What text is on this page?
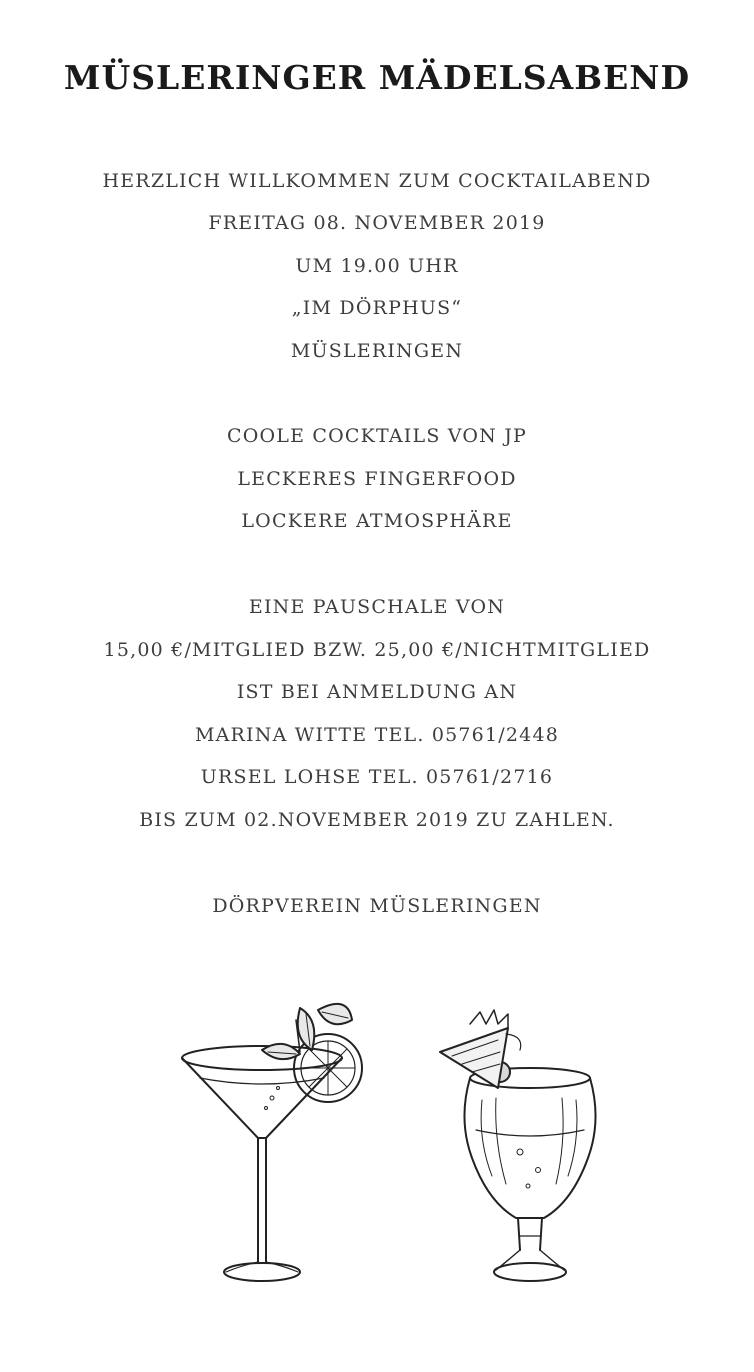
MÜSLERINGER MÄDELSABEND
HERZLICH WILLKOMMEN ZUM COCKTAILABEND
FREITAG 08. NOVEMBER 2019
UM 19.00 UHR
„IM DÖRPHUS“
MÜSLERINGEN
COOLE COCKTAILS VON JP
LECKERES FINGERFOOD
LOCKERE ATMOSPHÄRE
EINE PAUSCHALE VON
15,00 €/MITGLIED BZW. 25,00 €/NICHTMITGLIED
IST BEI ANMELDUNG AN
MARINA WITTE TEL. 05761/2448
URSEL LOHSE TEL. 05761/2716
BIS ZUM 02.NOVEMBER 2019 ZU ZAHLEN.
DÖRPVEREIN MÜSLERINGEN
